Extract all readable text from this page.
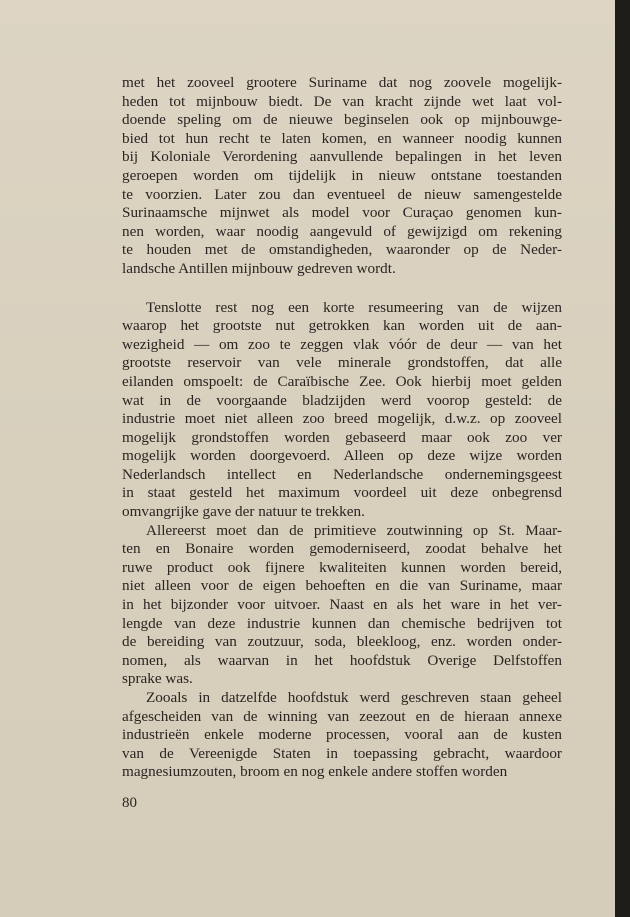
met het zooveel grootere Suriname dat nog zoovele mogelijk-
heden tot mijnbouw biedt. De van kracht zijnde wet laat vol-
doende speling om de nieuwe beginselen ook op mijnbouwge-
bied tot hun recht te laten komen, en wanneer noodig kunnen
bij Koloniale Verordening aanvullende bepalingen in het leven
geroepen worden om tijdelijk in nieuw ontstane toestanden
te voorzien. Later zou dan eventueel de nieuw samengestelde
Surinaamsche mijnwet als model voor Curaçao genomen kun-
nen worden, waar noodig aangevuld of gewijzigd om rekening
te houden met de omstandigheden, waaronder op de Neder-
landsche Antillen mijnbouw gedreven wordt.
Tenslotte rest nog een korte resumeering van de wijzen
waarop het grootste nut getrokken kan worden uit de aan-
wezigheid — om zoo te zeggen vlak vóór de deur — van het
grootste reservoir van vele minerale grondstoffen, dat alle
eilanden omspoelt: de Caraïbische Zee. Ook hierbij moet gelden
wat in de voorgaande bladzijden werd voorop gesteld: de
industrie moet niet alleen zoo breed mogelijk, d.w.z. op zooveel
mogelijk grondstoffen worden gebaseerd maar ook zoo ver
mogelijk worden doorgevoerd. Alleen op deze wijze worden
Nederlandsch intellect en Nederlandsche ondernemingsgeest
in staat gesteld het maximum voordeel uit deze onbegrensd
omvangrijke gave der natuur te trekken.
Allereerst moet dan de primitieve zoutwinning op St. Maar-
ten en Bonaire worden gemoderniseerd, zoodat behalve het
ruwe product ook fijnere kwaliteiten kunnen worden bereid,
niet alleen voor de eigen behoeften en die van Suriname, maar
in het bijzonder voor uitvoer. Naast en als het ware in het ver-
lengde van deze industrie kunnen dan chemische bedrijven tot
de bereiding van zoutzuur, soda, bleekloog, enz. worden onder-
nomen, als waarvan in het hoofdstuk Overige Delfstoffen
sprake was.
Zooals in datzelfde hoofdstuk werd geschreven staan geheel
afgescheiden van de winning van zeezout en de hieraan annexe
industrieën enkele moderne processen, vooral aan de kusten
van de Vereenigde Staten in toepassing gebracht, waardoor
magnesiumzouten, broom en nog enkele andere stoffen worden
80
